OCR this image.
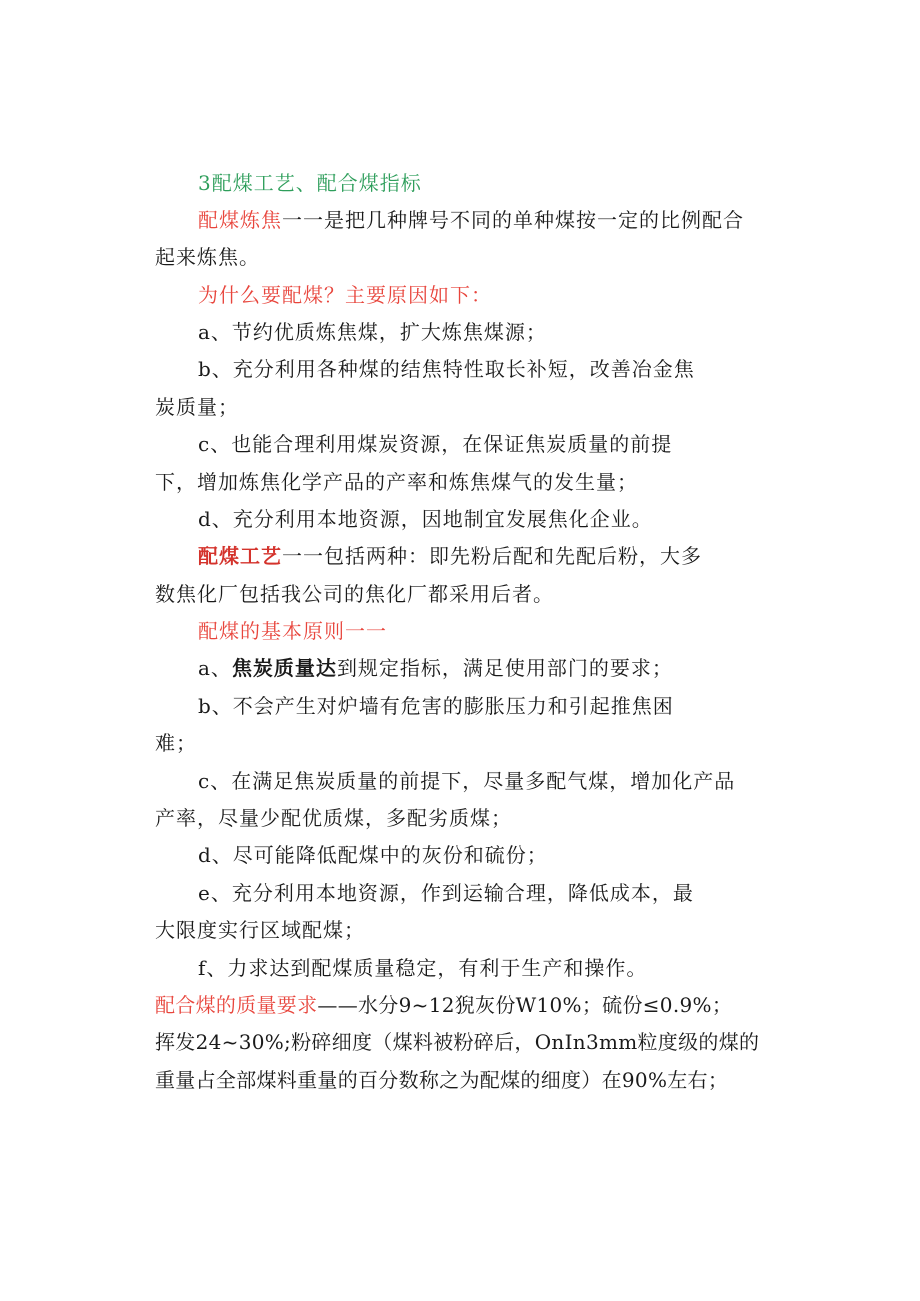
3配煤工艺、配合煤指标

配煤炼焦一一是把几种牌号不同的单种煤按一定的比例配合

起来炼焦。

为什么要配煤？主要原因如下：

a、节约优质炼焦煤，扩大炼焦煤源；

b、充分利用各种煤的结焦特性取长补短，改善冶金焦

炭质量；

c、也能合理利用煤炭资源，在保证焦炭质量的前提

下，增加炼焦化学产品的产率和炼焦煤气的发生量；

d、充分利用本地资源，因地制宜发展焦化企业。

配煤工艺一一包括两种：即先粉后配和先配后粉，大多

数焦化厂包括我公司的焦化厂都采用后者。

配煤的基本原则一一

a、焦炭质量达到规定指标，满足使用部门的要求；

b、不会产生对炉墙有危害的膨胀压力和引起推焦困

难；

c、在满足焦炭质量的前提下，尽量多配气煤，增加化产品

产率，尽量少配优质煤，多配劣质煤；

d、尽可能降低配煤中的灰份和硫份；

e、充分利用本地资源，作到运输合理，降低成本，最

大限度实行区域配煤；

f、力求达到配煤质量稳定，有利于生产和操作。

配合煤的质量要求——水分9~12猊灰份W10%；硫份≤0.9%；

挥发24~30%;粉碎细度（煤料被粉碎后，OnIn3mm粒度级的煤的

重量占全部煤料重量的百分数称之为配煤的细度）在90%左右；
